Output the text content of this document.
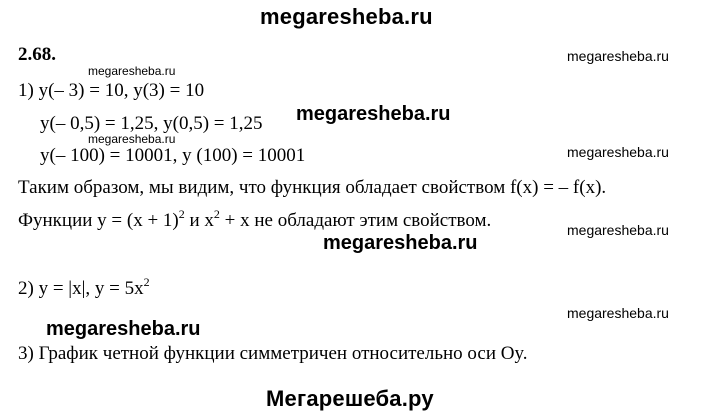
megaresheba.ru
2.68.	megaresheba.ru
megaresheba.ru
1) y(– 3) = 10, y(3) = 10
megaresheba.ru
y(– 0,5) = 1,25, y(0,5) = 1,25
megaresheba.ru
megaresheba.ru
y(– 100) = 10001, y (100) = 10001
Таким образом, мы видим, что функция обладает свойством f(x) = – f(x).
Функции $y = (x + 1)^2$ и $x^2 + x$ не обладают этим свойством.	megaresheba.ru
megaresheba.ru
2) y = |x|, $y = 5x^2$
megaresheba.ru
megaresheba.ru
3) График четной функции симметричен относительно оси Oy.
Мегарешеба.ру
